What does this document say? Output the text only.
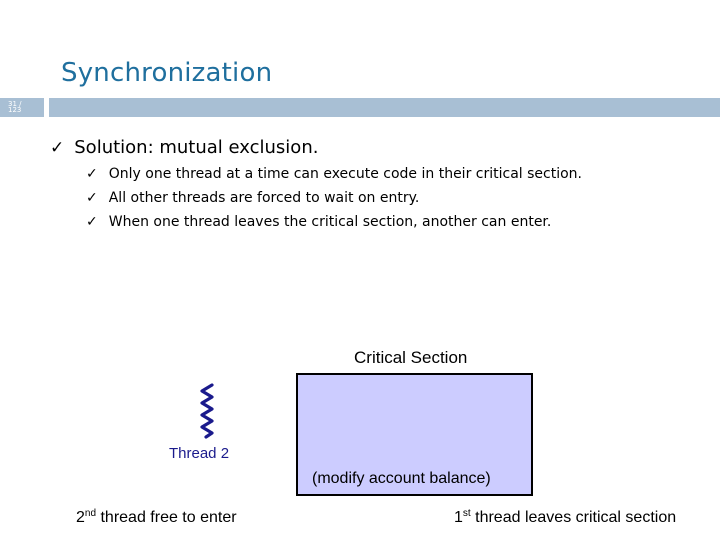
Synchronization
31 /
123
✓ Solution: mutual exclusion.
✓ Only one thread at a time can execute code in their critical section.
✓ All other threads are forced to wait on entry.
✓ When one thread leaves the critical section, another can enter.
Critical Section
(modify account balance)
Thread 2
2nd thread free to enter	1st thread leaves critical section
